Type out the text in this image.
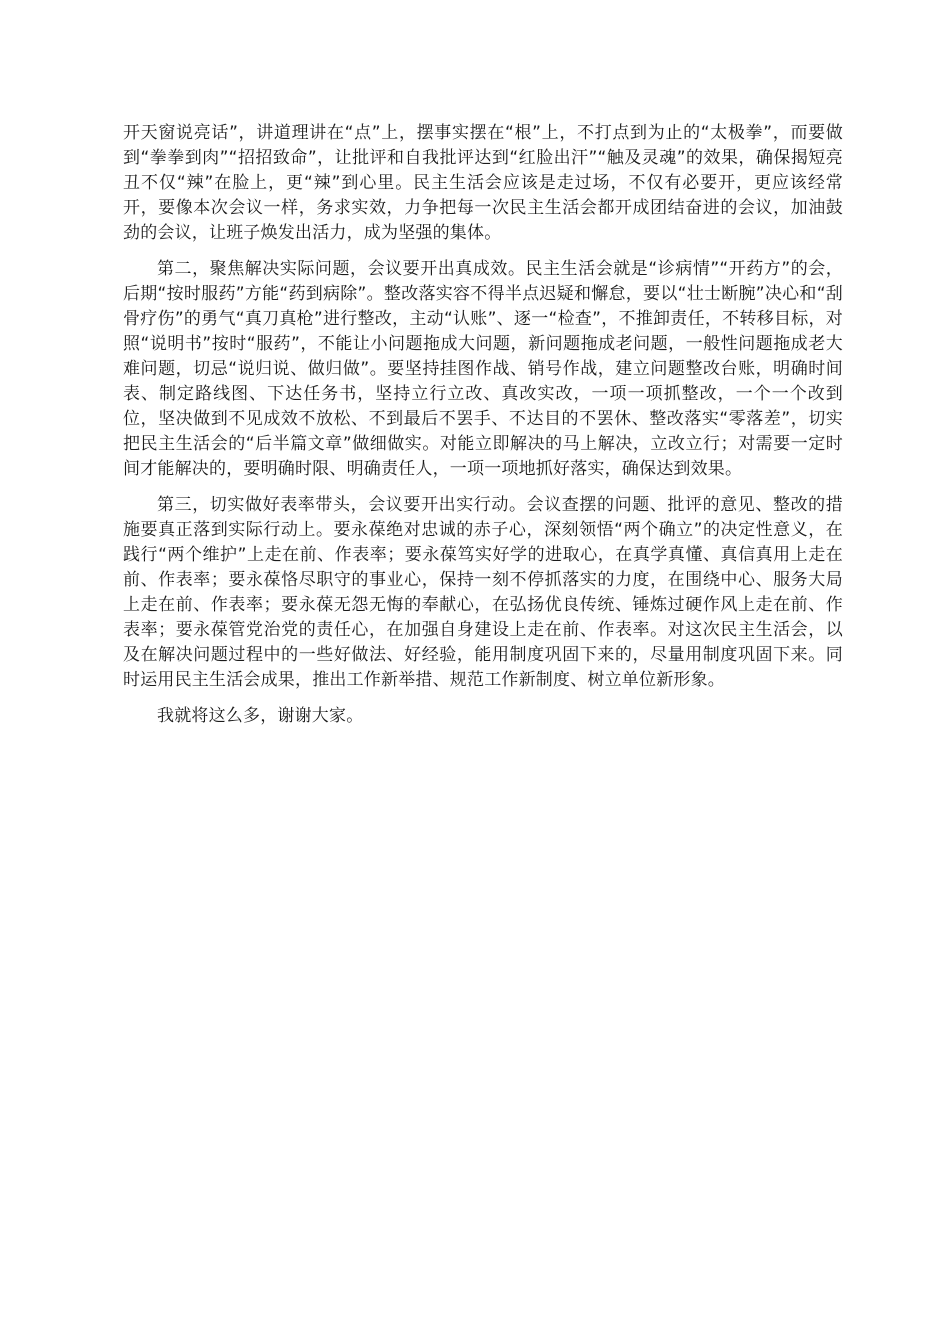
开天窗说亮话”，讲道理讲在“点”上，摆事实摆在“根”上，不打点到为止的“太极拳”，而要做到“拳拳到肉”“招招致命”，让批评和自我批评达到“红脸出汗”“触及灵魂”的效果，确保揭短亮丑不仅“辣”在脸上，更“辣”到心里。民主生活会应该是走过场，不仅有必要开，更应该经常开，要像本次会议一样，务求实效，力争把每一次民主生活会都开成团结奋进的会议，加油鼓劲的会议，让班子焕发出活力，成为坚强的集体。

第二，聚焦解决实际问题，会议要开出真成效。民主生活会就是“诊病情”“开药方”的会，后期“按时服药”方能“药到病除”。整改落实容不得半点迟疑和懈怠，要以“壮士断腕”决心和“刮骨疗伤”的勇气“真刀真枪”进行整改，主动“认账”、逐一“检查”，不推卸责任，不转移目标，对照“说明书”按时“服药”，不能让小问题拖成大问题，新问题拖成老问题，一般性问题拖成老大难问题，切忌“说归说、做归做”。要坚持挂图作战、销号作战，建立问题整改台账，明确时间表、制定路线图、下达任务书，坚持立行立改、真改实改，一项一项抓整改，一个一个改到位，坚决做到不见成效不放松、不到最后不罢手、不达目的不罢休、整改落实“零落差”，切实把民主生活会的“后半篇文章”做细做实。对能立即解决的马上解决，立改立行；对需要一定时间才能解决的，要明确时限、明确责任人，一项一项地抓好落实，确保达到效果。

第三，切实做好表率带头，会议要开出实行动。会议查摆的问题、批评的意见、整改的措施要真正落到实际行动上。要永葆绝对忠诚的赤子心，深刻领悟“两个确立”的决定性意义，在践行“两个维护”上走在前、作表率；要永葆笃实好学的进取心，在真学真懂、真信真用上走在前、作表率；要永葆恪尽职守的事业心，保持一刻不停抓落实的力度，在围绕中心、服务大局上走在前、作表率；要永葆无怨无悔的奉献心，在弘扬优良传统、锤炼过硬作风上走在前、作表率；要永葆管党治党的责任心，在加强自身建设上走在前、作表率。对这次民主生活会，以及在解决问题过程中的一些好做法、好经验，能用制度巩固下来的，尽量用制度巩固下来。同时运用民主生活会成果，推出工作新举措、规范工作新制度、树立单位新形象。

我就将这么多，谢谢大家。
